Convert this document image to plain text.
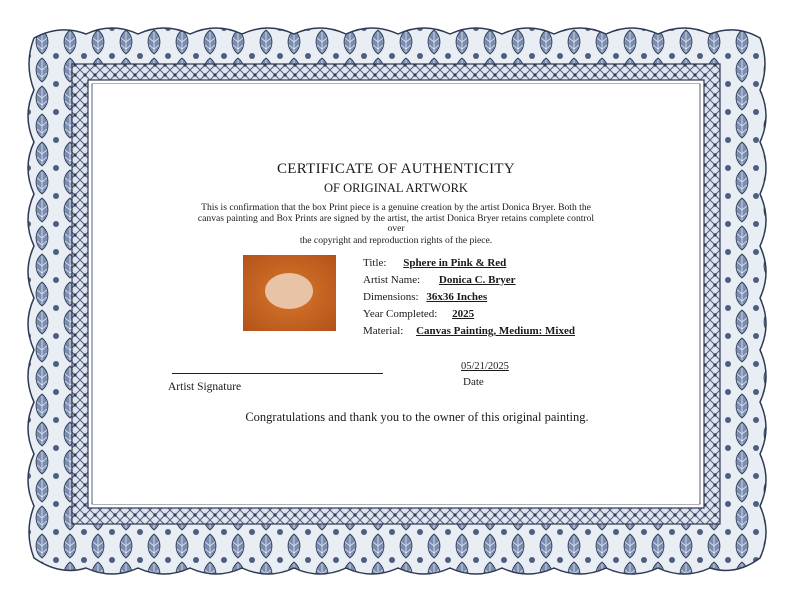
CERTIFICATE OF AUTHENTICITY
OF ORIGINAL ARTWORK
This is confirmation that the box Print piece is a genuine creation by the artist Donica Bryer. Both the
canvas painting and Box Prints are signed by the artist, the artist Donica Bryer retains complete control
over
the copyright and reproduction rights of the piece.
Title: Sphere in Pink & Red
Artist Name: Donica C. Bryer
Dimensions: 36x36 Inches
Year Completed: 2025
Material: Canvas Painting, Medium: Mixed
Artist Signature
05/21/2025
Date
Congratulations and thank you to the owner of this original painting.
